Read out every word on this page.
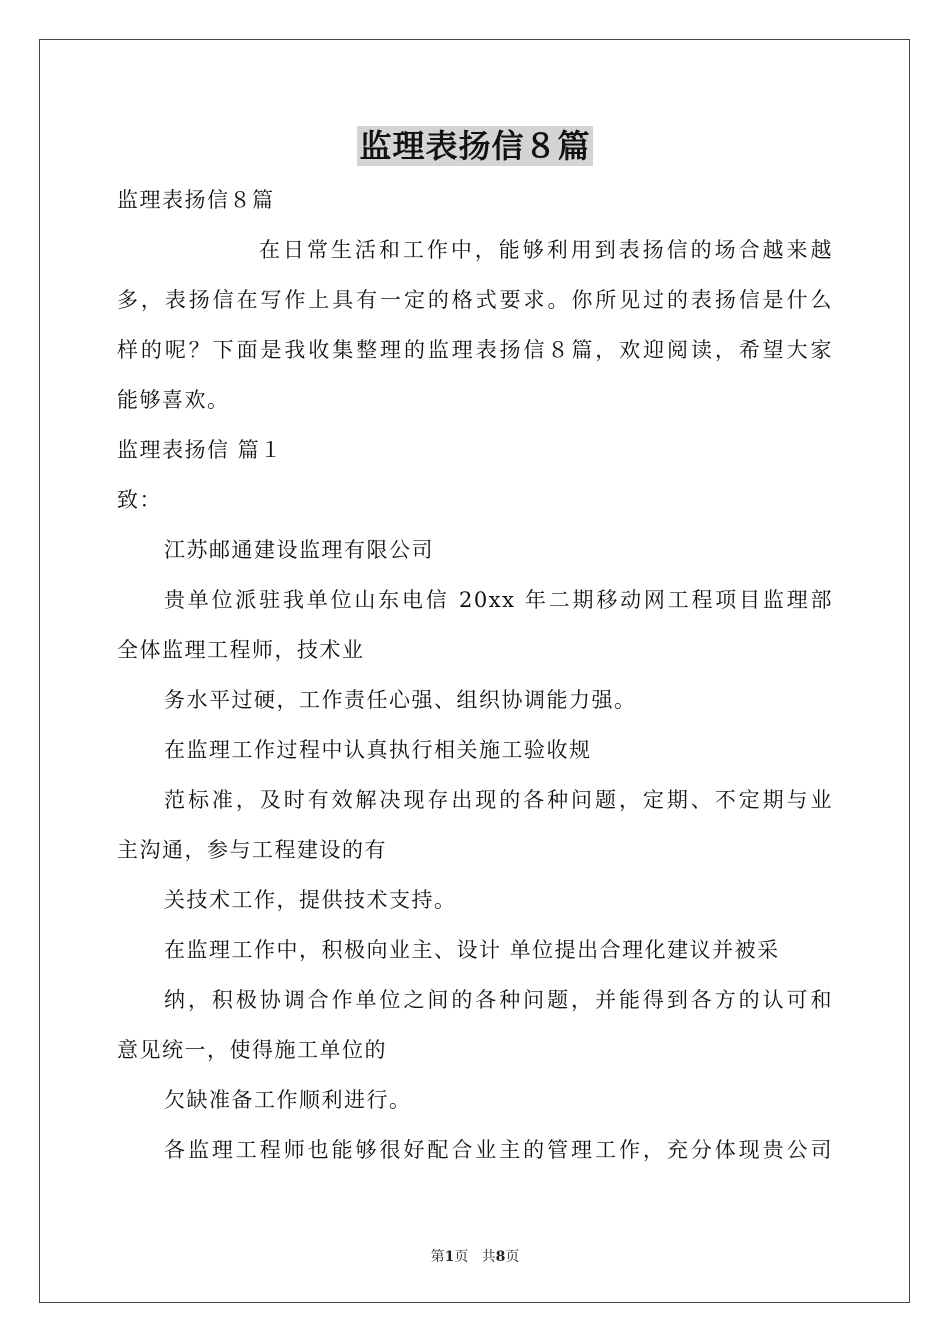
监理表扬信８篇

监理表扬信８篇

在日常生活和工作中，能够利用到表扬信的场合越来越

多，表扬信在写作上具有一定的格式要求。你所见过的表扬信是什么

样的呢？下面是我收集整理的监理表扬信８篇，欢迎阅读，希望大家

能够喜欢。

监理表扬信 篇１

致：

江苏邮通建设监理有限公司

贵单位派驻我单位山东电信 20xx 年二期移动网工程项目监理部

全体监理工程师，技术业

务水平过硬，工作责任心强、组织协调能力强。

在监理工作过程中认真执行相关施工验收规

范标准，及时有效解决现存出现的各种问题，定期、不定期与业

主沟通，参与工程建设的有

关技术工作，提供技术支持。

在监理工作中，积极向业主、设计 单位提出合理化建议并被采

纳，积极协调合作单位之间的各种问题，并能得到各方的认可和

意见统一，使得施工单位的

欠缺准备工作顺利进行。

各监理工程师也能够很好配合业主的管理工作，充分体现贵公司

第1页 共8页
